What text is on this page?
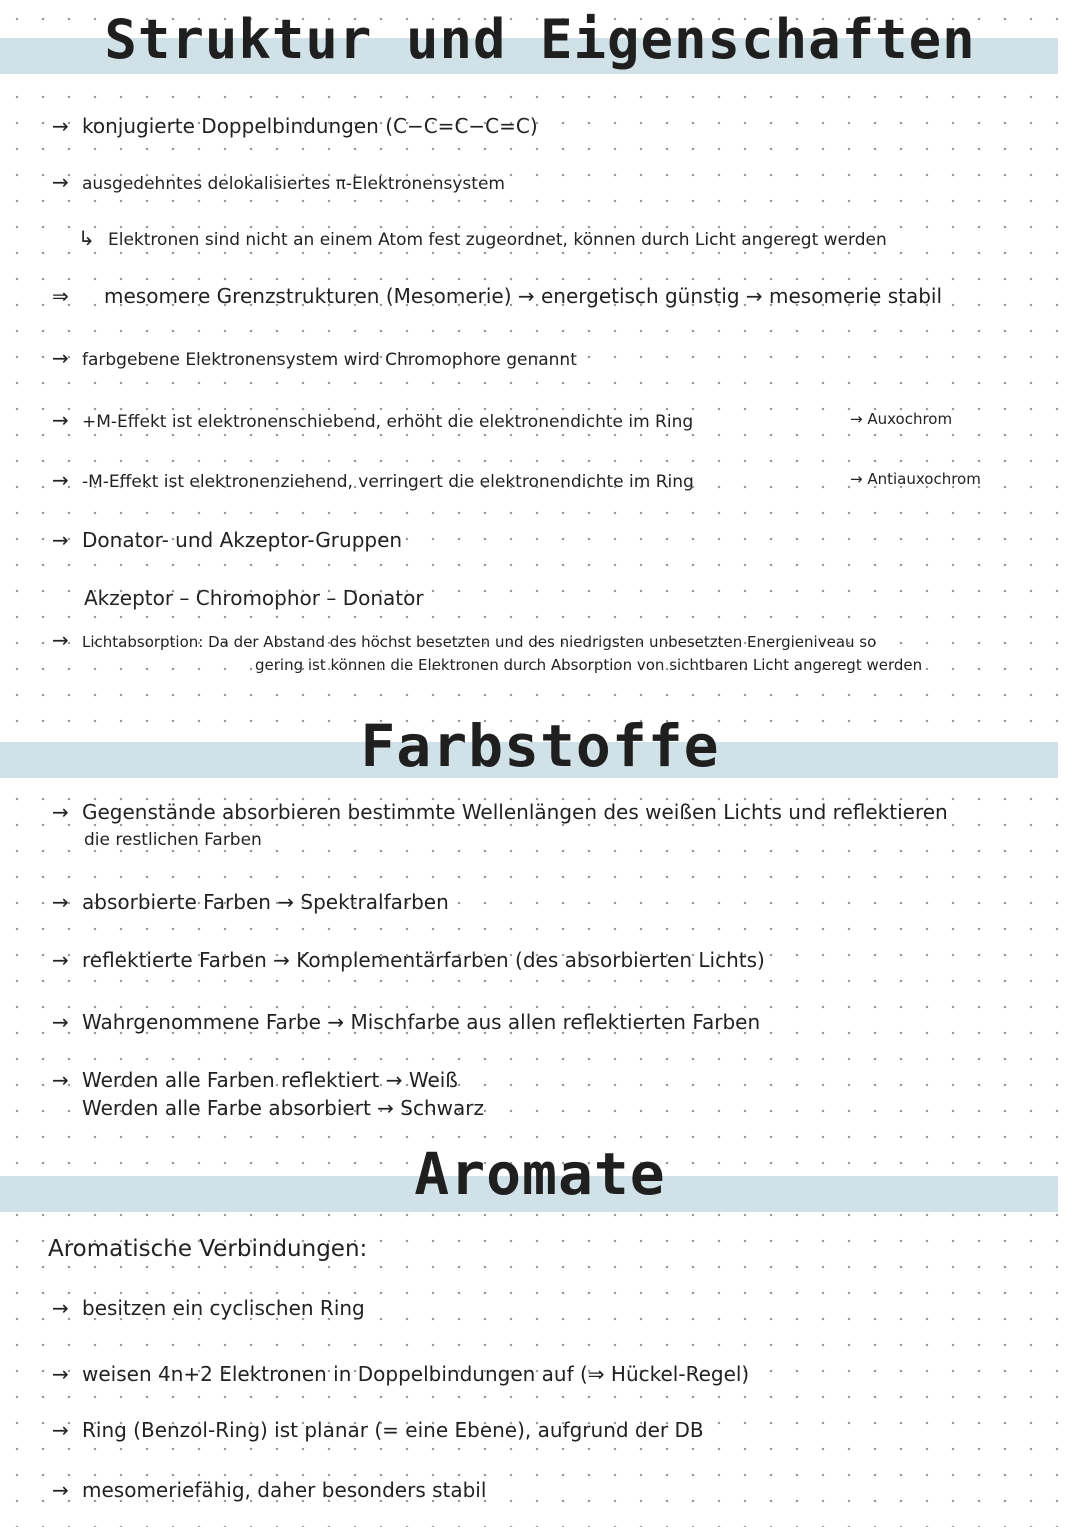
Struktur und Eigenschaften
→ konjugierte Doppelbindungen (C−C=C−C=C)
→ ausgedehntes delokalisiertes π-Elektronensystem
↳ Elektronen sind nicht an einem Atom fest zugeordnet, können durch Licht angeregt werden
⇒	mesomere Grenzstrukturen (Mesomerie) → energetisch günstig → mesomerie stabil
→ farbgebene Elektronensystem wird Chromophore genannt
→ +M-Effekt ist elektronenschiebend, erhöht die elektronendichte im Ring	→ Auxochrom
→ -M-Effekt ist elektronenziehend, verringert die elektronendichte im Ring	→ Antiauxochrom
→ Donator- und Akzeptor-Gruppen
Akzeptor – Chromophor – Donator
→ Lichtabsorption: Da der Abstand des höchst besetzten und des niedrigsten unbesetzten Energieniveau so
gering ist können die Elektronen durch Absorption von sichtbaren Licht angeregt werden
Farbstoffe
→ Gegenstände absorbieren bestimmte Wellenlängen des weißen Lichts und reflektieren
die restlichen Farben
→ absorbierte Farben → Spektralfarben
→ reflektierte Farben → Komplementärfarben (des absorbierten Lichts)
→ Wahrgenommene Farbe → Mischfarbe aus allen reflektierten Farben
→ Werden alle Farben reflektiert → Weiß
Werden alle Farbe absorbiert → Schwarz
Aromate
Aromatische Verbindungen:
→ besitzen ein cyclischen Ring
→ weisen 4n+2 Elektronen in Doppelbindungen auf (⇒ Hückel-Regel)
→ Ring (Benzol-Ring) ist planar (= eine Ebene), aufgrund der DB
→ mesomeriefähig, daher besonders stabil
